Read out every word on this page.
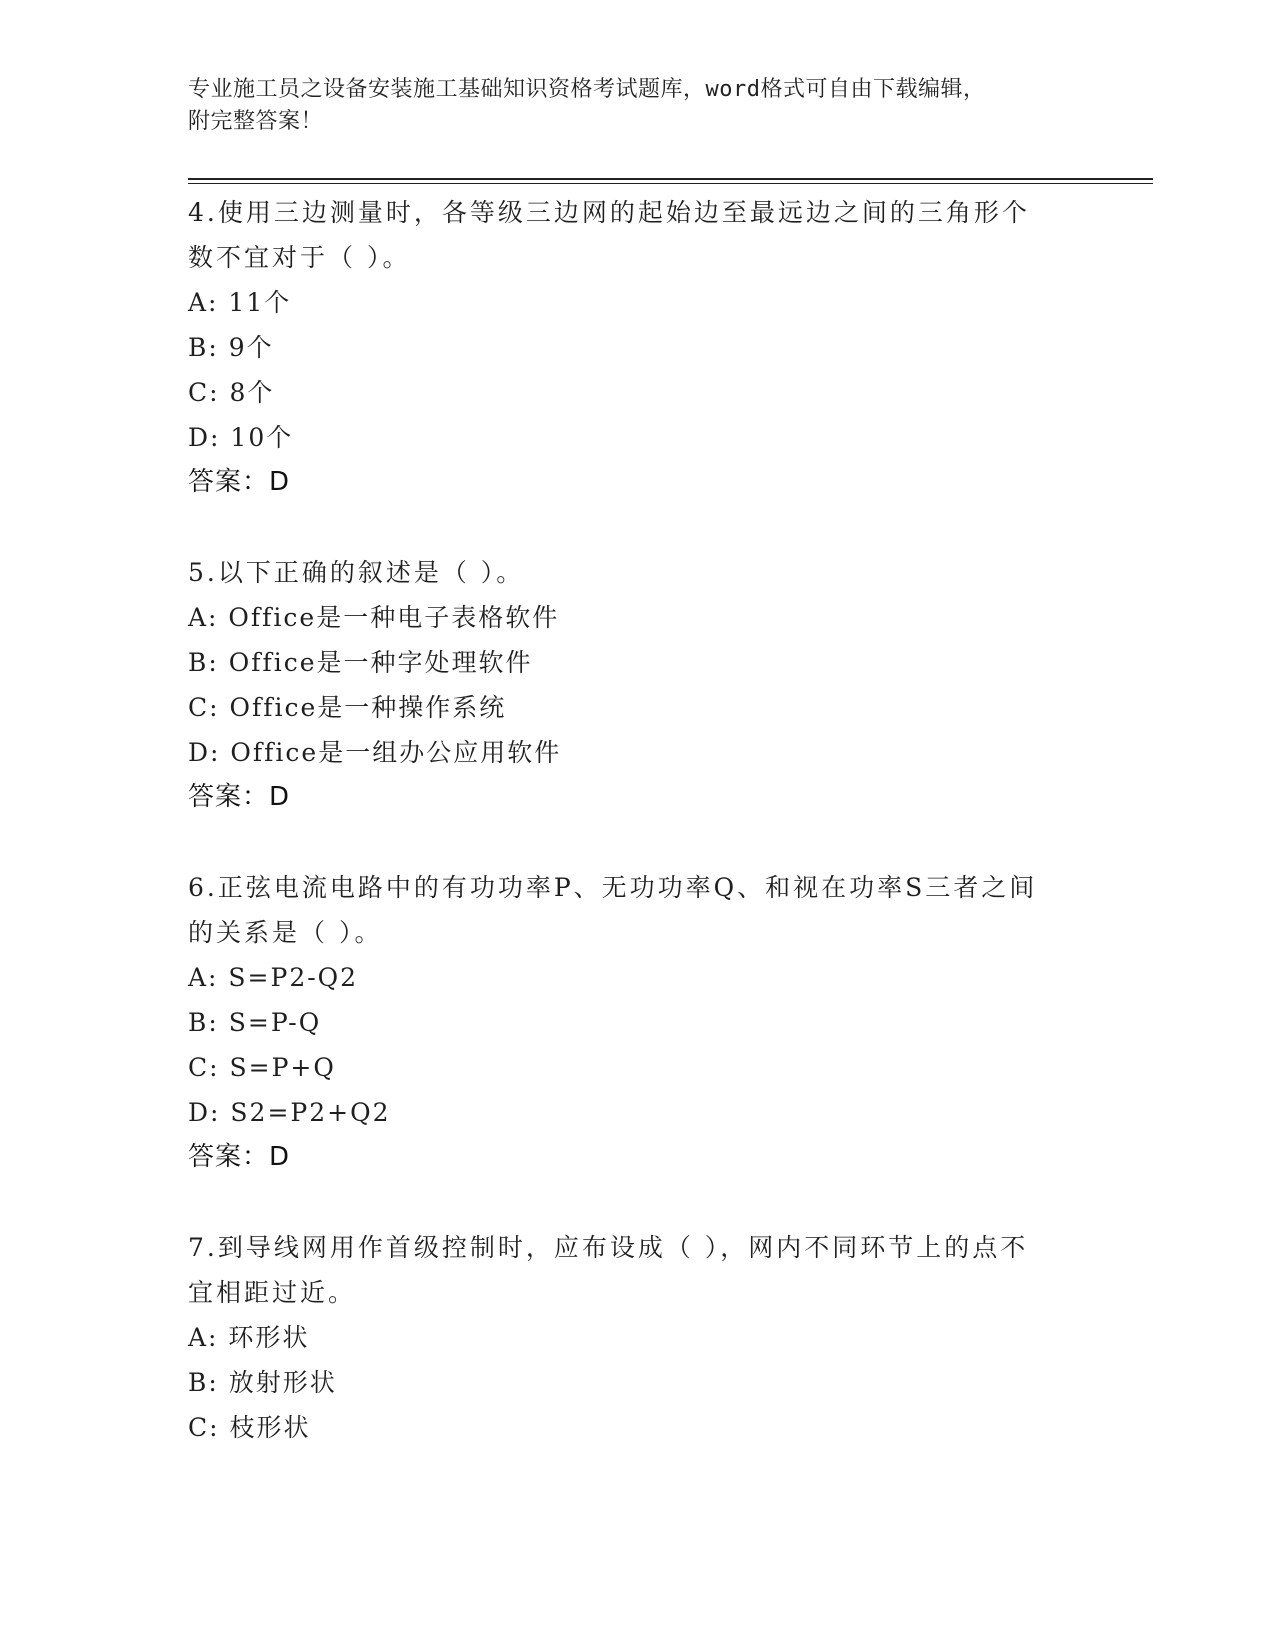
专业施工员之设备安装施工基础知识资格考试题库，word格式可自由下载编辑，
附完整答案！
4.使用三边测量时，各等级三边网的起始边至最远边之间的三角形个
数不宜对于（ ）。
A: 11个
B: 9个
C: 8个
D: 10个
答案：D
5.以下正确的叙述是（ ）。
A: Office是一种电子表格软件
B: Office是一种字处理软件
C: Office是一种操作系统
D: Office是一组办公应用软件
答案：D
6.正弦电流电路中的有功功率P、无功功率Q、和视在功率S三者之间
的关系是（ ）。
A: S=P2-Q2
B: S=P-Q
C: S=P+Q
D: S2=P2+Q2
答案：D
7.到导线网用作首级控制时，应布设成（ ），网内不同环节上的点不
宜相距过近。
A: 环形状
B: 放射形状
C: 枝形状
